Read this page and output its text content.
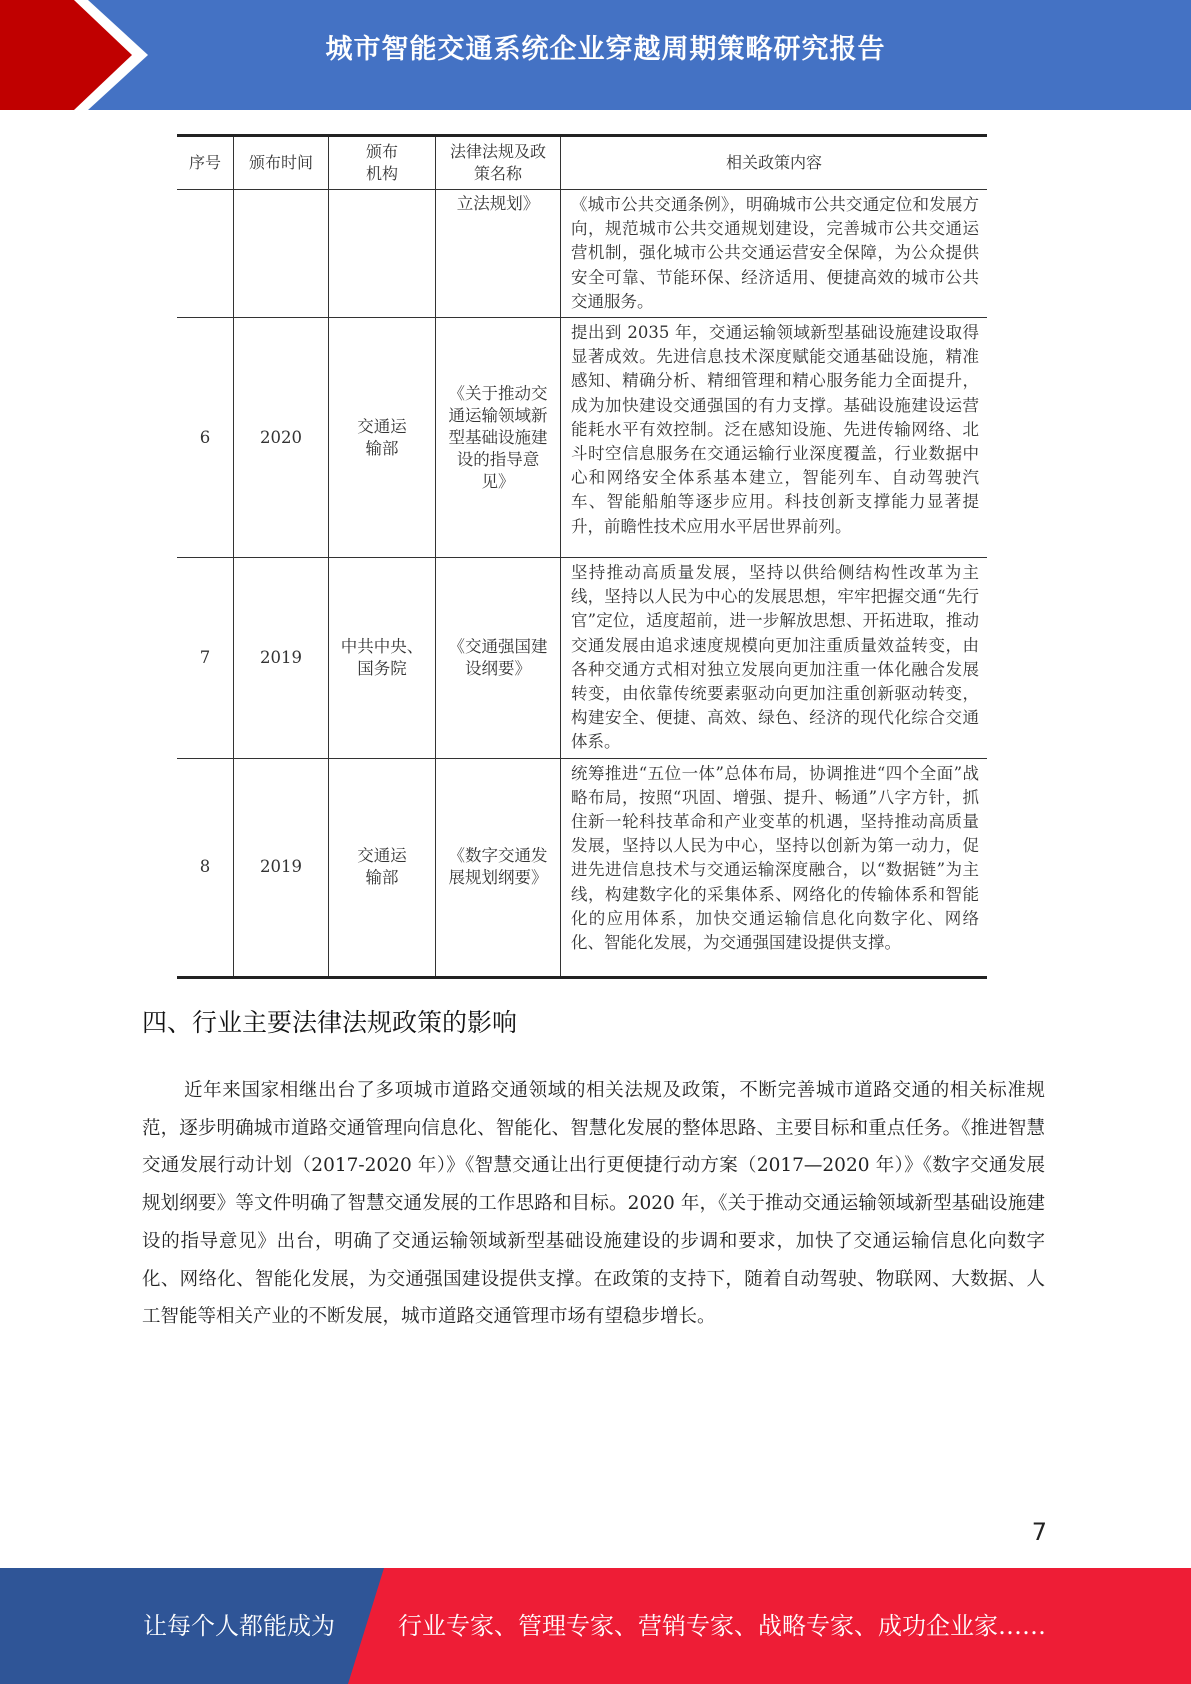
城市智能交通系统企业穿越周期策略研究报告
序号	颁布时间	颁布机构	法律法规及政策名称	相关政策内容
			立法规划》	《城市公共交通条例》，明确城市公共交通定位和发展方向，规范城市公共交通规划建设，完善城市公共交通运营机制，强化城市公共交通运营安全保障，为公众提供安全可靠、节能环保、经济适用、便捷高效的城市公共交通服务。
6	2020	交通运输部	《关于推动交通运输领域新型基础设施建设的指导意见》	提出到 2035 年，交通运输领域新型基础设施建设取得显著成效。先进信息技术深度赋能交通基础设施，精准感知、精确分析、精细管理和精心服务能力全面提升，成为加快建设交通强国的有力支撑。基础设施建设运营能耗水平有效控制。泛在感知设施、先进传输网络、北斗时空信息服务在交通运输行业深度覆盖，行业数据中心和网络安全体系基本建立，智能列车、自动驾驶汽车、智能船舶等逐步应用。科技创新支撑能力显著提升，前瞻性技术应用水平居世界前列。
7	2019	中共中央、国务院	《交通强国建设纲要》	坚持推动高质量发展，坚持以供给侧结构性改革为主线，坚持以人民为中心的发展思想，牢牢把握交通“先行官”定位，适度超前，进一步解放思想、开拓进取，推动交通发展由追求速度规模向更加注重质量效益转变，由各种交通方式相对独立发展向更加注重一体化融合发展转变，由依靠传统要素驱动向更加注重创新驱动转变，构建安全、便捷、高效、绿色、经济的现代化综合交通体系。
8	2019	交通运输部	《数字交通发展规划纲要》	统筹推进“五位一体”总体布局，协调推进“四个全面”战略布局，按照“巩固、增强、提升、畅通”八字方针，抓住新一轮科技革命和产业变革的机遇，坚持推动高质量发展，坚持以人民为中心，坚持以创新为第一动力，促进先进信息技术与交通运输深度融合，以“数据链”为主线，构建数字化的采集体系、网络化的传输体系和智能化的应用体系，加快交通运输信息化向数字化、网络化、智能化发展，为交通强国建设提供支撑。
四、行业主要法律法规政策的影响

近年来国家相继出台了多项城市道路交通领域的相关法规及政策，不断完善城市道路交通的相关标准规范，逐步明确城市道路交通管理向信息化、智能化、智慧化发展的整体思路、主要目标和重点任务。《推进智慧交通发展行动计划（2017-2020 年）》《智慧交通让出行更便捷行动方案（2017—2020 年）》《数字交通发展规划纲要》等文件明确了智慧交通发展的工作思路和目标。2020 年，《关于推动交通运输领域新型基础设施建设的指导意见》出台，明确了交通运输领域新型基础设施建设的步调和要求，加快了交通运输信息化向数字化、网络化、智能化发展，为交通强国建设提供支撑。在政策的支持下，随着自动驾驶、物联网、大数据、人工智能等相关产业的不断发展，城市道路交通管理市场有望稳步增长。

7
让每个人都能成为	行业专家、管理专家、营销专家、战略专家、成功企业家……
